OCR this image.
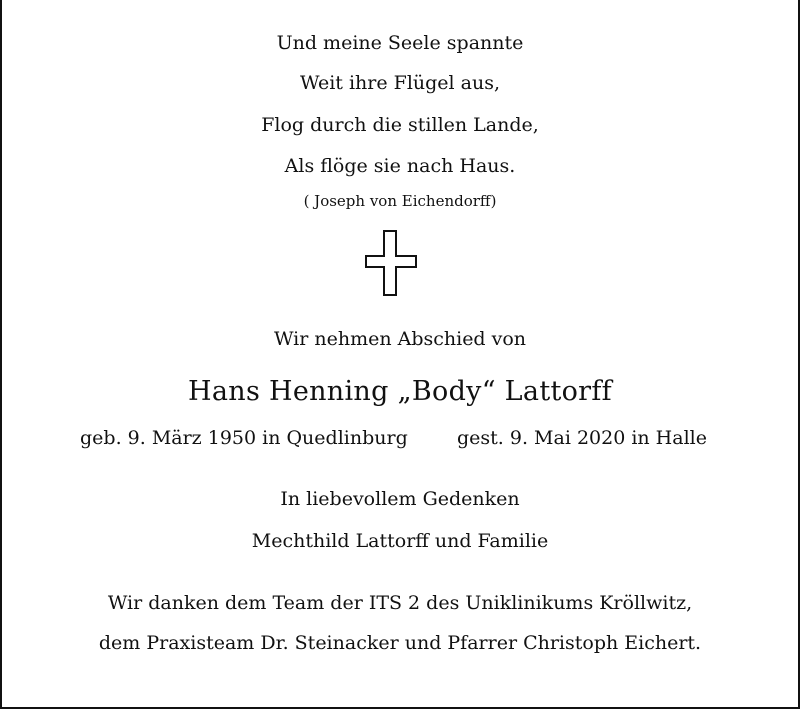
Und meine Seele spannte
Weit ihre Flügel aus,
Flog durch die stillen Lande,
Als flöge sie nach Haus.
( Joseph von Eichendorff)
Wir nehmen Abschied von
Hans Henning „Body“ Lattorff
geb. 9. März 1950 in Quedlinburg	gest. 9. Mai 2020 in Halle
In liebevollem Gedenken
Mechthild Lattorff und Familie
Wir danken dem Team der ITS 2 des Uniklinikums Kröllwitz,
dem Praxisteam Dr. Steinacker und Pfarrer Christoph Eichert.
